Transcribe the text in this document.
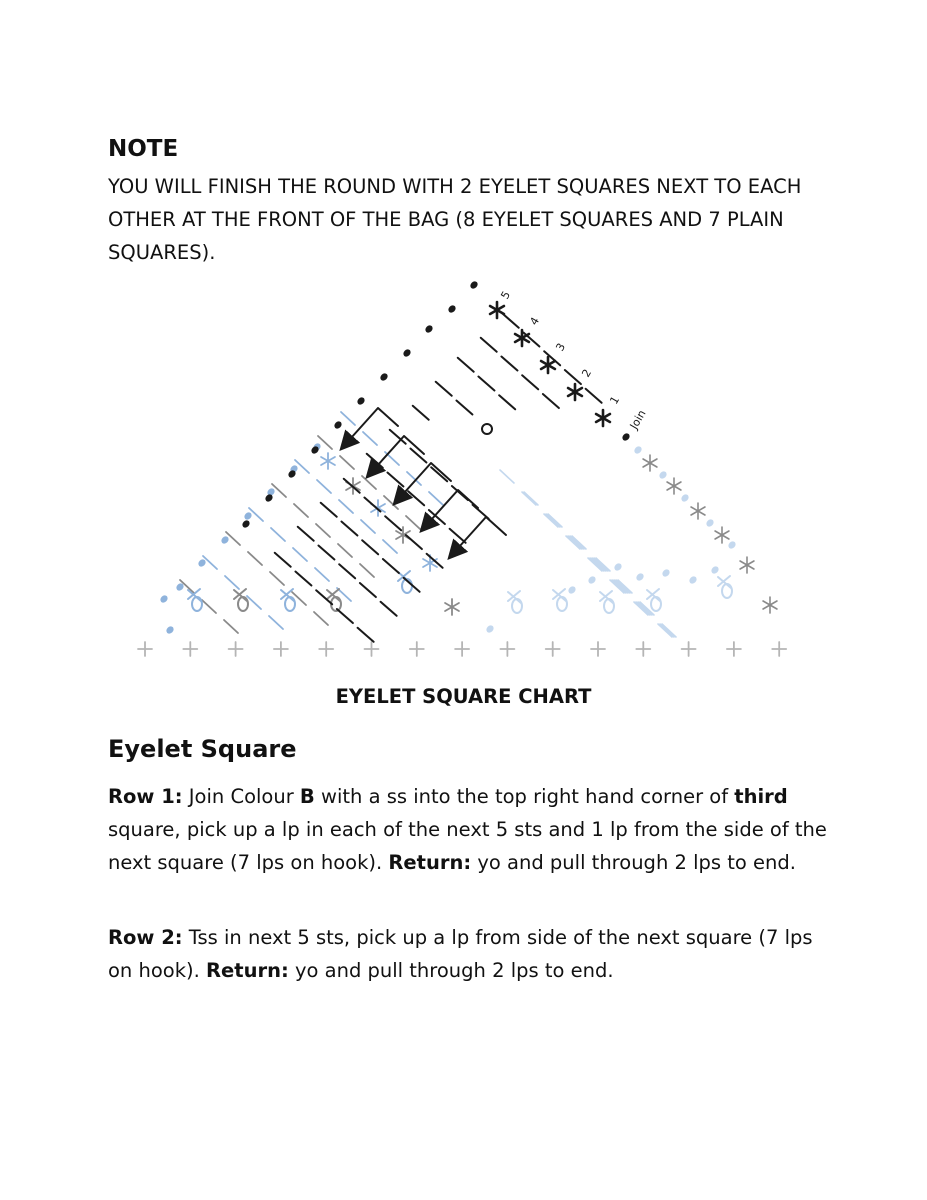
NOTE

YOU WILL FINISH THE ROUND WITH 2 EYELET SQUARES NEXT TO EACH OTHER AT THE FRONT OF THE BAG (8 EYELET SQUARES AND 7 PLAIN SQUARES).

5
4
3
2
1
Join
EYELET SQUARE CHART
Eyelet Square

Row 1: Join Colour B with a ss into the top right hand corner of third square, pick up a lp in each of the next 5 sts and 1 lp from the side of the next square (7 lps on hook). Return: yo and pull through 2 lps to end.

Row 2: Tss in next 5 sts, pick up a lp from side of the next square (7 lps on hook). Return: yo and pull through 2 lps to end.
